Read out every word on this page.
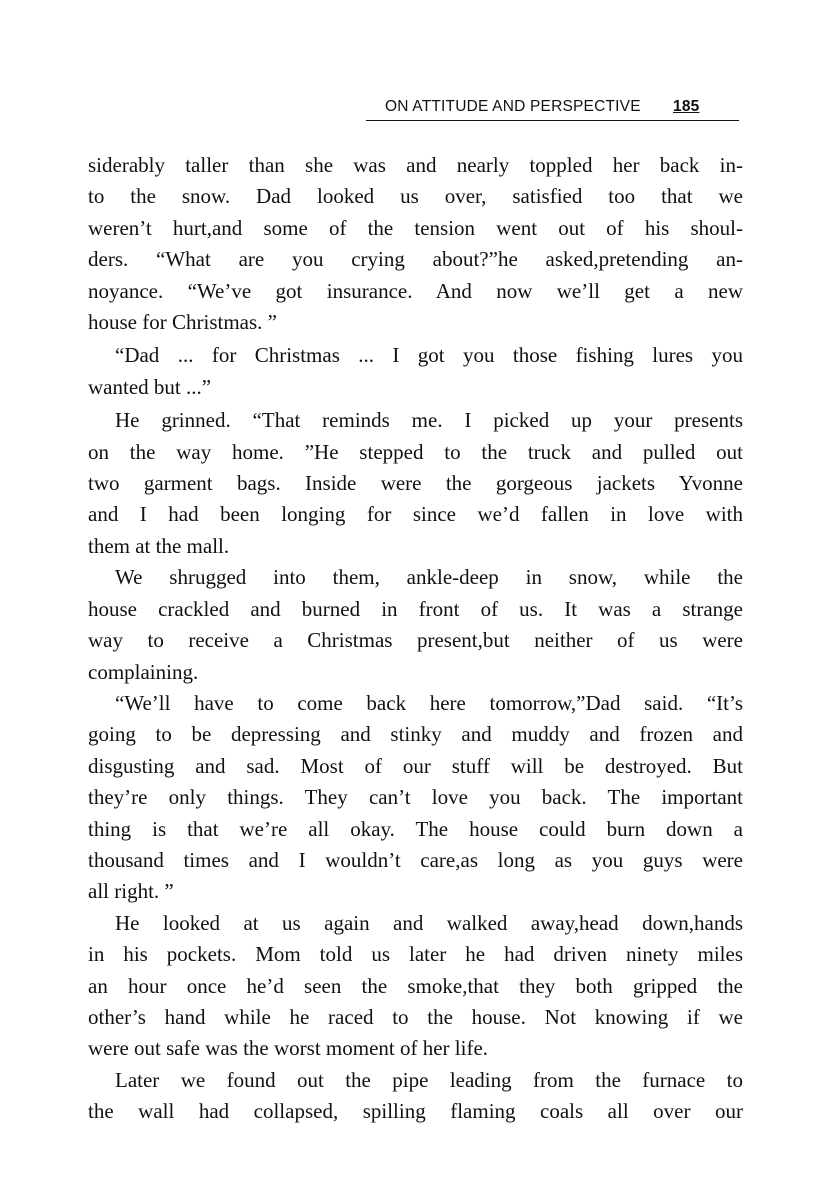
ON ATTITUDE AND PERSPECTIVE 185

siderably taller than she was and nearly toppled her back in-
to the snow. Dad looked us over, satisfied too that we
weren’t hurt,and some of the tension went out of his shoul-
ders. “What are you crying about?”he asked,pretending an-
noyance. “We’ve got insurance. And now we’ll get a new
house for Christmas. ”

“Dad ... for Christmas ... I got you those fishing lures you
wanted but ...”

He grinned. “That reminds me. I picked up your presents
on the way home. ”He stepped to the truck and pulled out
two garment bags. Inside were the gorgeous jackets Yvonne
and I had been longing for since we’d fallen in love with
them at the mall.

We shrugged into them, ankle-deep in snow, while the
house crackled and burned in front of us. It was a strange
way to receive a Christmas present,but neither of us were
complaining.

“We’ll have to come back here tomorrow,”Dad said. “It’s
going to be depressing and stinky and muddy and frozen and
disgusting and sad. Most of our stuff will be destroyed. But
they’re only things. They can’t love you back. The important
thing is that we’re all okay. The house could burn down a
thousand times and I wouldn’t care,as long as you guys were
all right. ”

He looked at us again and walked away,head down,hands
in his pockets. Mom told us later he had driven ninety miles
an hour once he’d seen the smoke,that they both gripped the
other’s hand while he raced to the house. Not knowing if we
were out safe was the worst moment of her life.

Later we found out the pipe leading from the furnace to
the wall had collapsed, spilling flaming coals all over our
